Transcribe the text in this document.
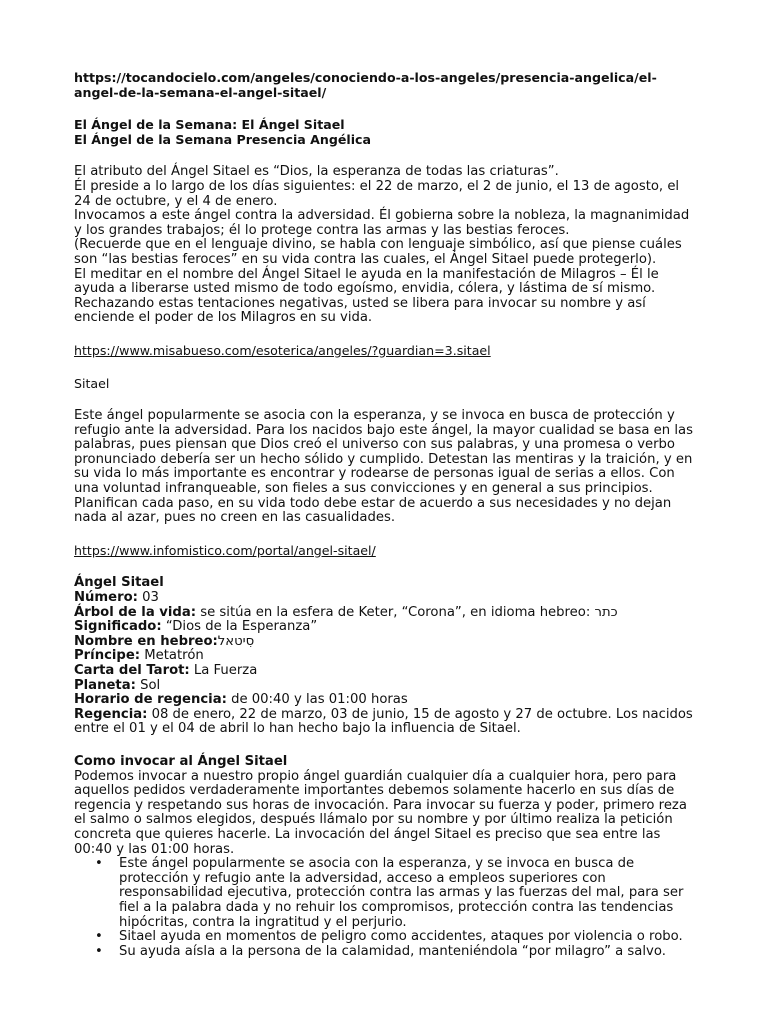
https://tocandocielo.com/angeles/conociendo-a-los-angeles/presencia-angelica/el-angel-de-la-semana-el-angel-sitael/

El Ángel de la Semana: El Ángel Sitael

El Ángel de la Semana Presencia Angélica

El atributo del Ángel Sitael es “Dios, la esperanza de todas las criaturas”.

Él preside a lo largo de los días siguientes: el 22 de marzo, el 2 de junio, el 13 de agosto, el 24 de octubre, y el 4 de enero.

Invocamos a este ángel contra la adversidad. Él gobierna sobre la nobleza, la magnanimidad y los grandes trabajos; él lo protege contra las armas y las bestias feroces.

(Recuerde que en el lenguaje divino, se habla con lenguaje simbólico, así que piense cuáles son “las bestias feroces” en su vida contra las cuales, el Ángel Sitael puede protegerlo).

El meditar en el nombre del Ángel Sitael le ayuda en la manifestación de Milagros – Él le ayuda a liberarse usted mismo de todo egoísmo, envidia, cólera, y lástima de sí mismo.

Rechazando estas tentaciones negativas, usted se libera para invocar su nombre y así enciende el poder de los Milagros en su vida.

https://www.misabueso.com/esoterica/angeles/?guardian=3.sitael

Sitael

Este ángel popularmente se asocia con la esperanza, y se invoca en busca de protección y refugio ante la adversidad. Para los nacidos bajo este ángel, la mayor cualidad se basa en las palabras, pues piensan que Dios creó el universo con sus palabras, y una promesa o verbo pronunciado debería ser un hecho sólido y cumplido. Detestan las mentiras y la traición, y en su vida lo más importante es encontrar y rodearse de personas igual de serias a ellos. Con una voluntad infranqueable, son fieles a sus convicciones y en general a sus principios. Planifican cada paso, en su vida todo debe estar de acuerdo a sus necesidades y no dejan nada al azar, pues no creen en las casualidades.

https://www.infomistico.com/portal/angel-sitael/

Ángel Sitael
Número: 03
Árbol de la vida: se sitúa en la esfera de Keter, “Corona”, en idioma hebreo: כתר
Significado: “Dios de la Esperanza”
Nombre en hebreo:סִיטאל
Príncipe: Metatrón
Carta del Tarot: La Fuerza
Planeta: Sol
Horario de regencia: de 00:40 y las 01:00 horas
Regencia: 08 de enero, 22 de marzo, 03 de junio, 15 de agosto y 27 de octubre. Los nacidos entre el 01 y el 04 de abril lo han hecho bajo la influencia de Sitael.

Como invocar al Ángel Sitael

Podemos invocar a nuestro propio ángel guardián cualquier día a cualquier hora, pero para aquellos pedidos verdaderamente importantes debemos solamente hacerlo en sus días de regencia y respetando sus horas de invocación. Para invocar su fuerza y poder, primero reza el salmo o salmos elegidos, después llámalo por su nombre y por último realiza la petición concreta que quieres hacerle. La invocación del ángel Sitael es preciso que sea entre las 00:40 y las 01:00 horas.

• Este ángel popularmente se asocia con la esperanza, y se invoca en busca de protección y refugio ante la adversidad, acceso a empleos superiores con responsabilidad ejecutiva, protección contra las armas y las fuerzas del mal, para ser fiel a la palabra dada y no rehuir los compromisos, protección contra las tendencias hipócritas, contra la ingratitud y el perjurio.
• Sitael ayuda en momentos de peligro como accidentes, ataques por violencia o robo.
• Su ayuda aísla a la persona de la calamidad, manteniéndola “por milagro” a salvo.
